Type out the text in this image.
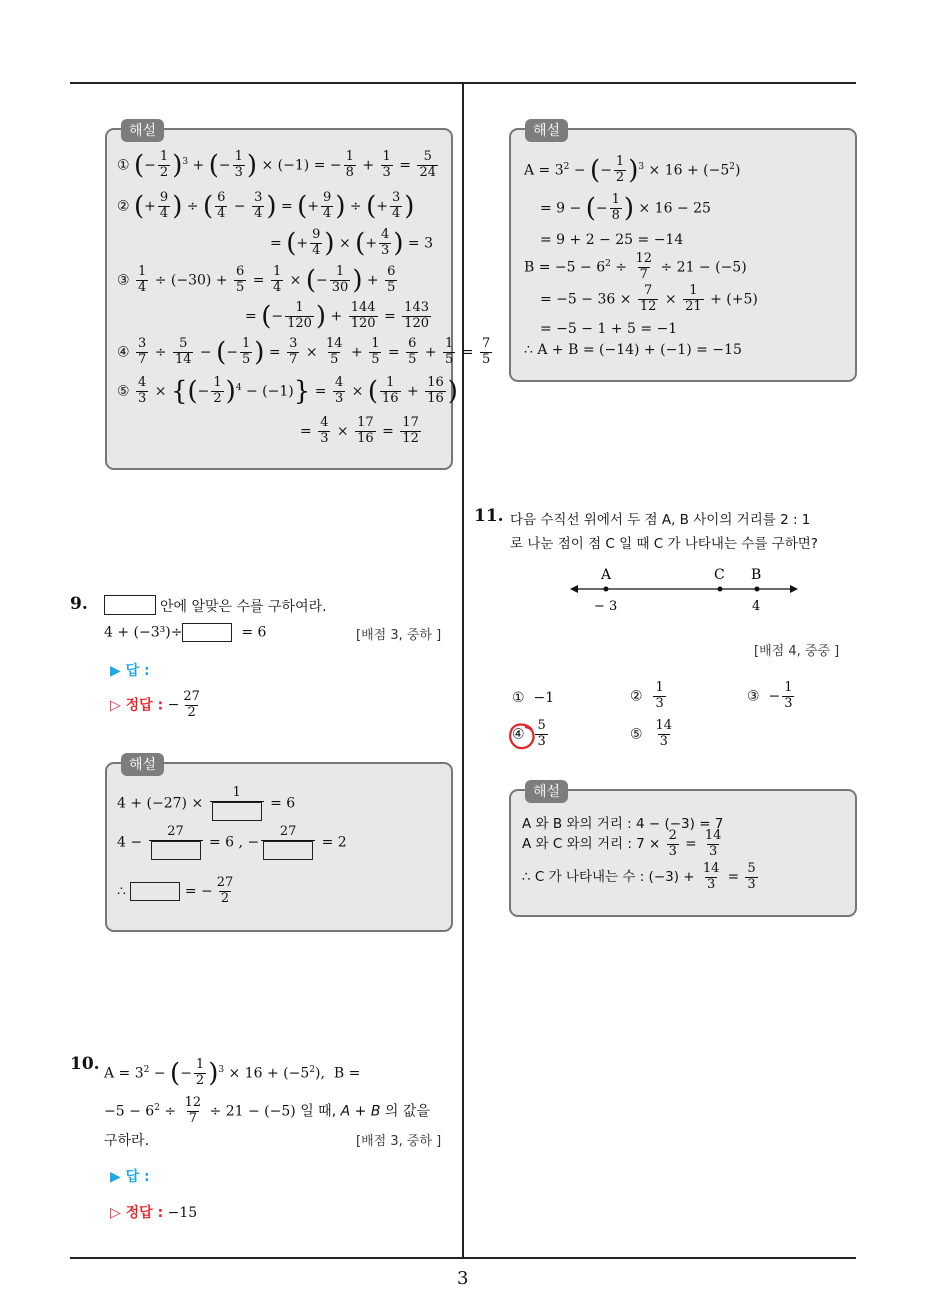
3
해설
① (− $\frac{1}{2} )^3$ + (− $\frac{1}{3}$ ) × (−1) = − $\frac{1}{8} + \frac{1}{3} = \frac{5}{24}$
② (+ $\frac{9}{4}$ ) ÷ ( $\frac{6}{4} - \frac{3}{4}$ ) = (+ $\frac{9}{4}$ ) ÷ (+ $\frac{3}{4}$ )
= (+ $\frac{9}{4}$ ) × (+ $\frac{4}{3}$ ) = 3
③ $\frac{1}{4} \div (-30) + \frac{6}{5} = \frac{1}{4}$ × (− $\frac{1}{30}$ ) + $\frac{6}{5}$
= (− $\frac{1}{120}$ ) + $\frac{144}{120} = \frac{143}{120}$
④ $\frac{3}{7} \div \frac{5}{14}$ − (− $\frac{1}{5}$ ) = $\frac{3}{7} \times \frac{14}{5} + \frac{1}{5} = \frac{6}{5} + \frac{1}{5} = \frac{7}{5}$
⑤ $\frac{4}{3}$ × {(− $\frac{1}{2} )^4 - (-1)\} = \frac{4}{3}$ × ( $\frac{1}{16} + \frac{16}{16}$ )
= $\frac{4}{3} \times \frac{17}{16} = \frac{17}{12}$
해설
$A = 3^2$ − (− $\frac{1}{2} )^3 \times 16 + (-5^2)$
= 9 − (− $\frac{1}{8}$ ) × 16 − 25
= 9 + 2 − 25 = −14
$B = -5 - 6^2 \div \frac{12}{7} \div 21 - (-5)$
= $-5 - 36 \times \frac{7}{12} \times \frac{1}{21} + (+5)$
= −5 − 1 + 5 = −1
∴ A + B = (−14) + (−1) = −15
9.	안에 알맞은 수를 구하여라.
4 + (−3³)÷	= 6	[배점 3, 중하 ]
▶ 답 :
▷ 정답 : − $\frac{27}{2}$
해설
4 + (−27) ×
1
= 6
4 −
27
= 6 , −
27
= 2
∴	= − $\frac{27}{2}$
10. $A = 3^2$ − (− $\frac{1}{2} )^3 \times 16 + (-5^2)$,  B =
$-5 - 6^2 \div \frac{12}{7} \div 21 - (-5)$ 일 때, A + B 의 값을
구하라.	[배점 3, 중하 ]
▶ 답 :
▷ 정답 : −15
11. 다음 수직선 위에서 두 점 A, B 사이의 거리를 2 : 1
로 나눈 점이 점 C 일 때 C 가 나타내는 수를 구하면?
A	C B
− 3	4
[배점 4, 중중 ]
① −1	② $\frac{1}{3}$	③  − $\frac{1}{3}$
④ $\frac{5}{3}$	⑤ $\frac{14}{3}$
해설
A 와 B 와의 거리 : 4 − (−3) = 7
A 와 C 와의 거리 : $7 \times \frac{2}{3} = \frac{14}{3}$
∴ C 가 나타내는 수 : $(-3) + \frac{14}{3} = \frac{5}{3}$
